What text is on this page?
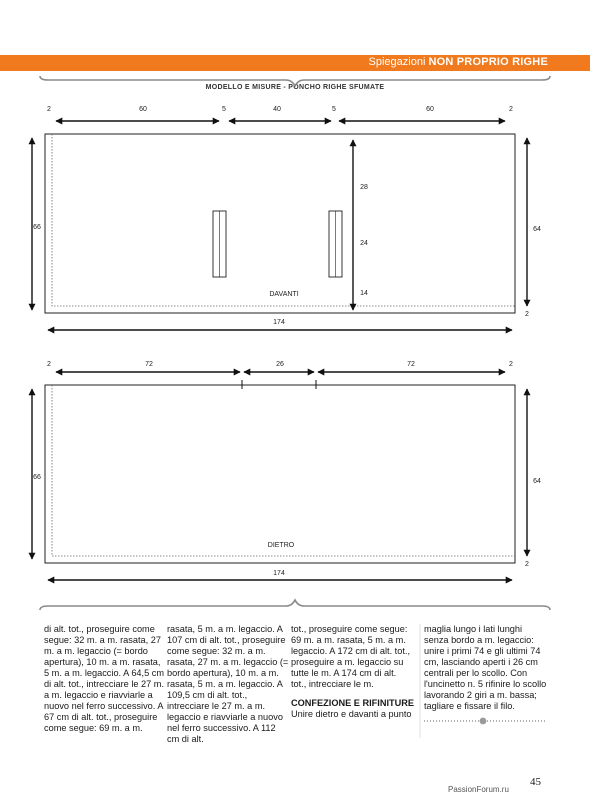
Spiegazioni NON PROPRIO RIGHE
MODELLO E MISURE - PONCHO RIGHE SFUMATE
DAVANTI
2	60	5	40	5	60	2
66	64
2
174
28
24
14
DIETRO
2	72	26	72	2
66
64
2
174

di alt. tot., proseguire come segue: 32 m. a m. rasata, 27 m. a m. legaccio (= bordo apertura), 10 m. a m. rasata, 5 m. a m. legaccio. A 64,5 cm di alt. tot., intrecciare le 27 m. a m. legaccio e riavviarle a nuovo nel ferro successivo. A 67 cm di alt. tot., proseguire come segue: 69 m. a m.

rasata, 5 m. a m. legaccio. A 107 cm di alt. tot., proseguire come segue: 32 m. a m. rasata, 27 m. a m. legaccio (= bordo apertura), 10 m. a m. rasata, 5 m. a m. legaccio. A 109,5 cm di alt. tot., intrecciare le 27 m. a m. legaccio e riavviarle a nuovo nel ferro successivo. A 112 cm di alt.

tot., proseguire come segue: 69 m. a m. rasata, 5 m. a m. legaccio. A 172 cm di alt. tot., proseguire a m. legaccio su tutte le m. A 174 cm di alt. tot., intrecciare le m.

CONFEZIONE E RIFINITURE

Unire dietro e davanti a punto

maglia lungo i lati lunghi senza bordo a m. legaccio: unire i primi 74 e gli ultimi 74 cm, lasciando aperti i 26 cm centrali per lo scollo. Con l'uncinetto n. 5 rifinire lo scollo lavorando 2 giri a m. bassa; tagliare e fissare il filo.

45
PassionForum.ru
